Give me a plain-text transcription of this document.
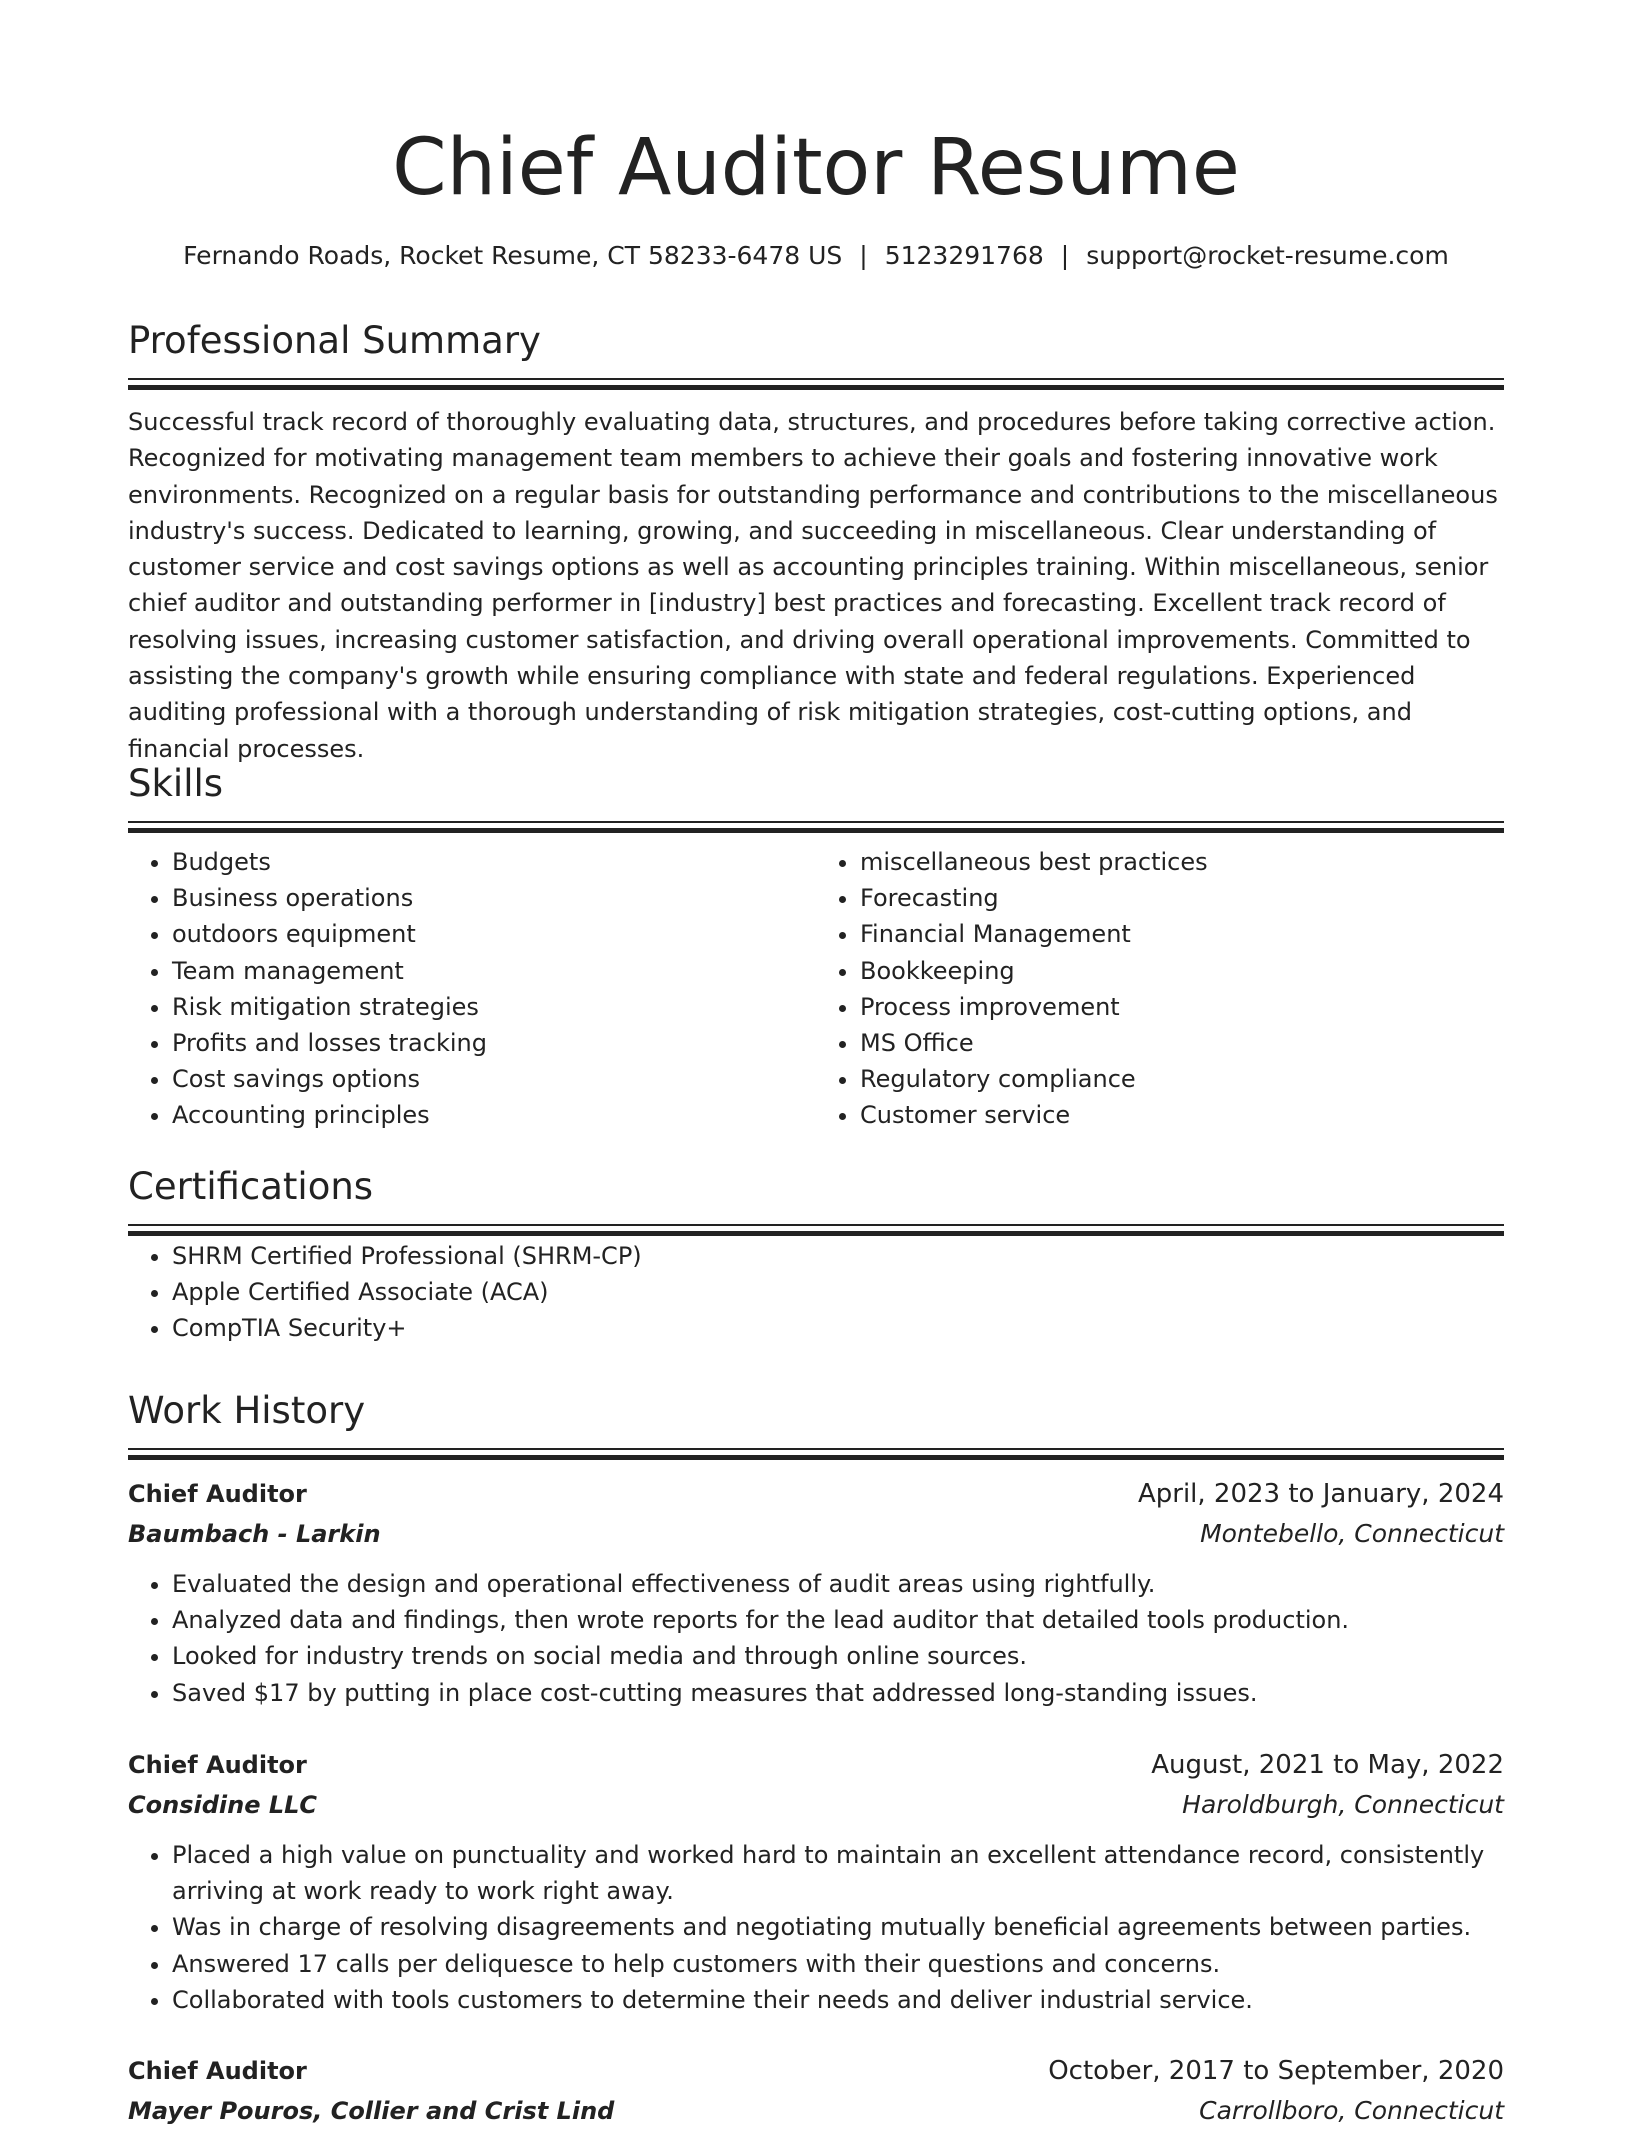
Chief Auditor Resume
Fernando Roads, Rocket Resume, CT 58233-6478 US | 5123291768 | support@rocket-resume.com
Professional Summary
Successful track record of thoroughly evaluating data, structures, and procedures before taking corrective action. Recognized for motivating management team members to achieve their goals and fostering innovative work environments. Recognized on a regular basis for outstanding performance and contributions to the miscellaneous industry's success. Dedicated to learning, growing, and succeeding in miscellaneous. Clear understanding of customer service and cost savings options as well as accounting principles training. Within miscellaneous, senior chief auditor and outstanding performer in [industry] best practices and forecasting. Excellent track record of resolving issues, increasing customer satisfaction, and driving overall operational improvements. Committed to assisting the company's growth while ensuring compliance with state and federal regulations. Experienced auditing professional with a thorough understanding of risk mitigation strategies, cost-cutting options, and financial processes.
Skills
• Budgets
• Business operations
• outdoors equipment
• Team management
• Risk mitigation strategies
• Profits and losses tracking
• Cost savings options
• Accounting principles
• miscellaneous best practices
• Forecasting
• Financial Management
• Bookkeeping
• Process improvement
• MS Office
• Regulatory compliance
• Customer service
Certifications
• SHRM Certified Professional (SHRM-CP)
• Apple Certified Associate (ACA)
• CompTIA Security+
Work History
Chief Auditor	April, 2023 to January, 2024
Baumbach - Larkin	Montebello, Connecticut
• Evaluated the design and operational effectiveness of audit areas using rightfully.
• Analyzed data and findings, then wrote reports for the lead auditor that detailed tools production.
• Looked for industry trends on social media and through online sources.
• Saved $17 by putting in place cost-cutting measures that addressed long-standing issues.
Chief Auditor	August, 2021 to May, 2022
Considine LLC	Haroldburgh, Connecticut
• Placed a high value on punctuality and worked hard to maintain an excellent attendance record, consistently arriving at work ready to work right away.
• Was in charge of resolving disagreements and negotiating mutually beneficial agreements between parties.
• Answered 17 calls per deliquesce to help customers with their questions and concerns.
• Collaborated with tools customers to determine their needs and deliver industrial service.
Chief Auditor	October, 2017 to September, 2020
Mayer Pouros, Collier and Crist Lind	Carrollboro, Connecticut
